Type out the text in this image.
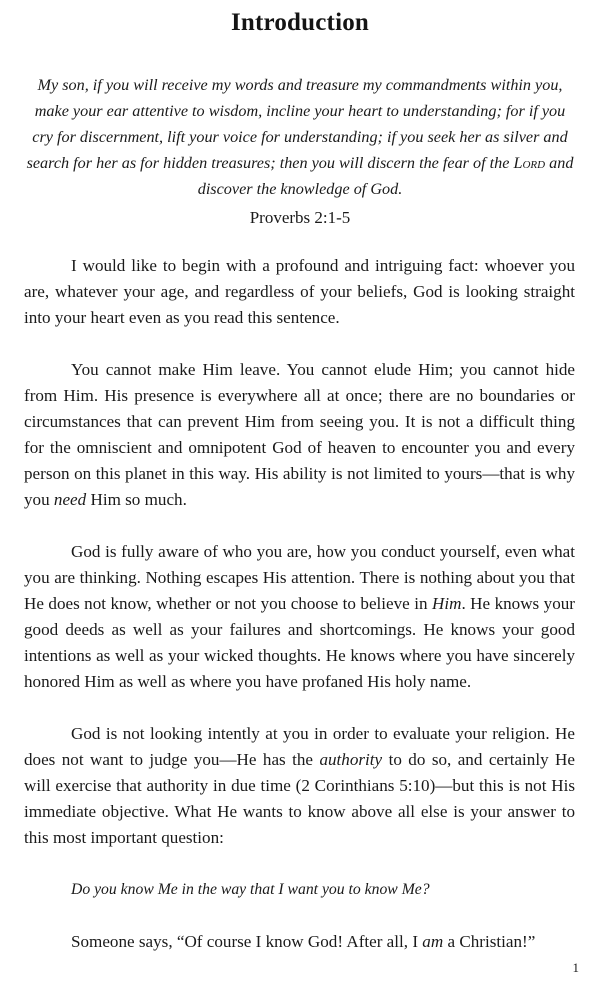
Introduction
My son, if you will receive my words and treasure my commandments within you,
make your ear attentive to wisdom, incline your heart to understanding; for if you
cry for discernment, lift your voice for understanding; if you seek her as silver and
search for her as for hidden treasures; then you will discern the fear of the Lord and
discover the knowledge of God.
Proverbs 2:1-5

I would like to begin with a profound and intriguing fact: whoever you are, whatever your age, and regardless of your beliefs, God is looking straight into your heart even as you read this sentence.

You cannot make Him leave. You cannot elude Him; you cannot hide from Him. His presence is everywhere all at once; there are no boundaries or circumstances that can prevent Him from seeing you. It is not a difficult thing for the omniscient and omnipotent God of heaven to encounter you and every person on this planet in this way. His ability is not limited to yours—that is why you need Him so much.

God is fully aware of who you are, how you conduct yourself, even what you are thinking. Nothing escapes His attention. There is nothing about you that He does not know, whether or not you choose to believe in Him. He knows your good deeds as well as your failures and shortcomings. He knows your good intentions as well as your wicked thoughts. He knows where you have sincerely honored Him as well as where you have profaned His holy name.

God is not looking intently at you in order to evaluate your religion. He does not want to judge you—He has the authority to do so, and certainly He will exercise that authority in due time (2 Corinthians 5:10)—but this is not His immediate objective. What He wants to know above all else is your answer to this most important question:

Do you know Me in the way that I want you to know Me?

Someone says, “Of course I know God! After all, I am a Christian!”

1
